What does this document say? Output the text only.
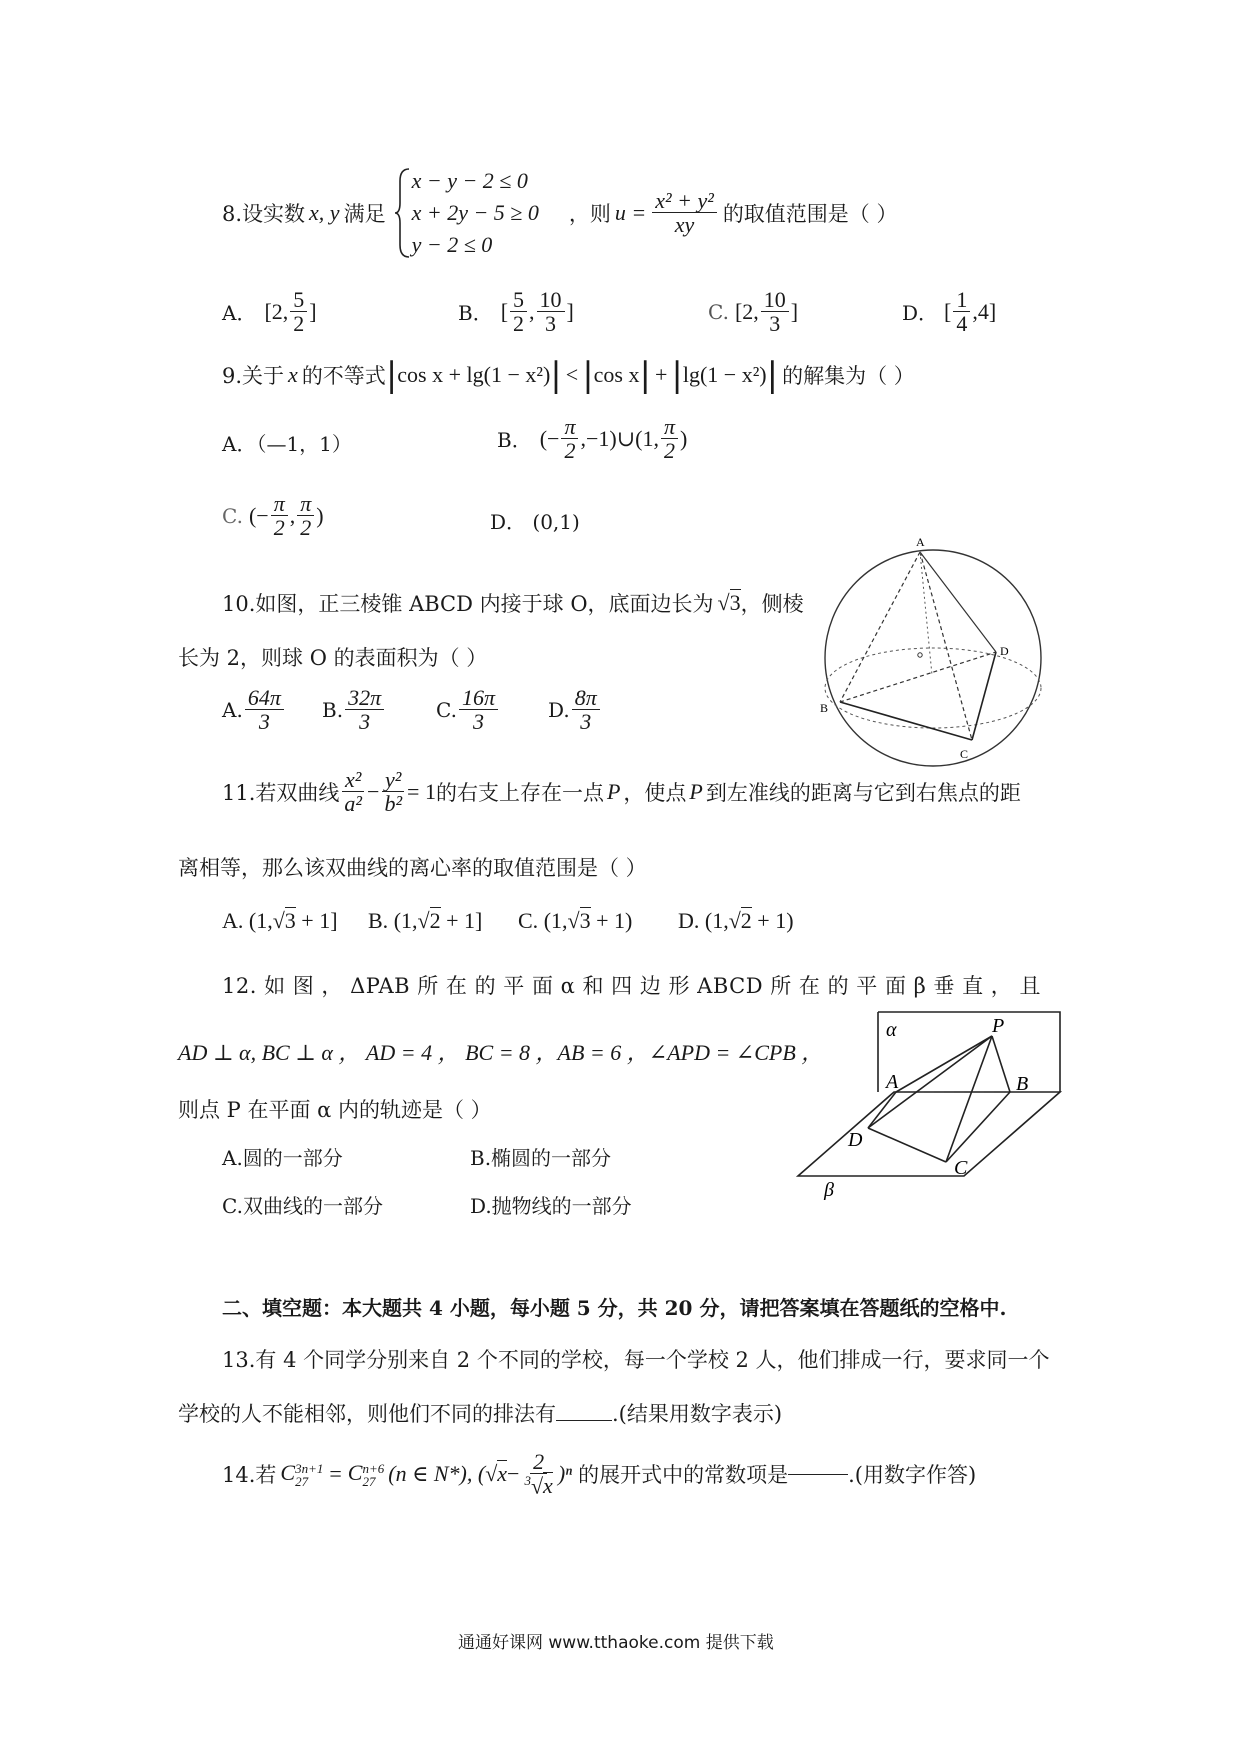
8.设实数 x, y 满足
x − y − 2 ≤ 0
x + 2y − 5 ≥ 0
y − 2 ≤ 0
，则 $u = \frac{\text{x² + y²}}{xy}$ 的取值范围是（ ）
A． [2, $\frac{5}{2}$ ]	B． [ $\frac{5}{2}$ , $\frac{10}{3}$ ]	C. [2, $\frac{10}{3}$ ]	D． [ $\frac{1}{4} ,4$]
9.关于 x 的不等式 | cos x + lg(1 − x²) | < | cos x | + | lg(1 − x²) | 的解集为（ ）
A．（—1，1）	B． (− $\frac{\pi}{2}$ ,−1)∪(1, $\frac{\pi}{2}$ )
C. (− $\frac{\pi}{2}$ , $\frac{\pi}{2}$ )	D． (0,1)
10.如图，正三棱锥 ABCD 内接于球 O，底面边长为 √3 ，侧棱
长为 2，则球 O 的表面积为（ ）
A. $\frac{64\pi}{3} B$. $\frac{32\pi}{3}$	C. $\frac{16\pi}{3}$	D. $\frac{8\pi}{3}$
A
B
C
D
11.若双曲线 $\frac{\text{x²}}{\text{a²}} - \frac{\text{y²}}{\text{b²}} = 1$ 的右支上存在一点 P ，使点 P 到左准线的距离与它到右焦点的距
离相等，那么该双曲线的离心率的取值范围是（ ）
A. (1,√3 + 1]	B. (1,√2 + 1]	C. (1,√3 + 1)	D. (1,√2 + 1)
12. 如 图 ， ΔPAB 所 在 的 平 面 α 和 四 边 形 ABCD 所 在 的 平 面 β 垂 直 ， 且
AD ⊥ α, BC ⊥ α ， AD = 4 ， BC = 8 ，AB = 6 ，∠APD = ∠CPB ，
则点 P 在平面 α 内的轨迹是（ ）
A.圆的一部分	B.椭圆的一部分
C.双曲线的一部分	D.抛物线的一部分
α	P
A	B
D
C
β
二、填空题：本大题共 4 小题，每小题 5 分，共 20 分，请把答案填在答题纸的空格中.
13.有 4 个同学分别来自 2 个不同的学校，每一个学校 2 人，他们排成一行，要求同一个
学校的人不能相邻，则他们不同的排法有	.(结果用数字表示)
14.若 C 3n+1
27 = C n+6
27 (n ∈ N*), ( $√x - \frac{2}{^3√x} )^n$ 的展开式中的常数项是	.(用数字作答)
通通好课网 www.tthaoke.com 提供下载
